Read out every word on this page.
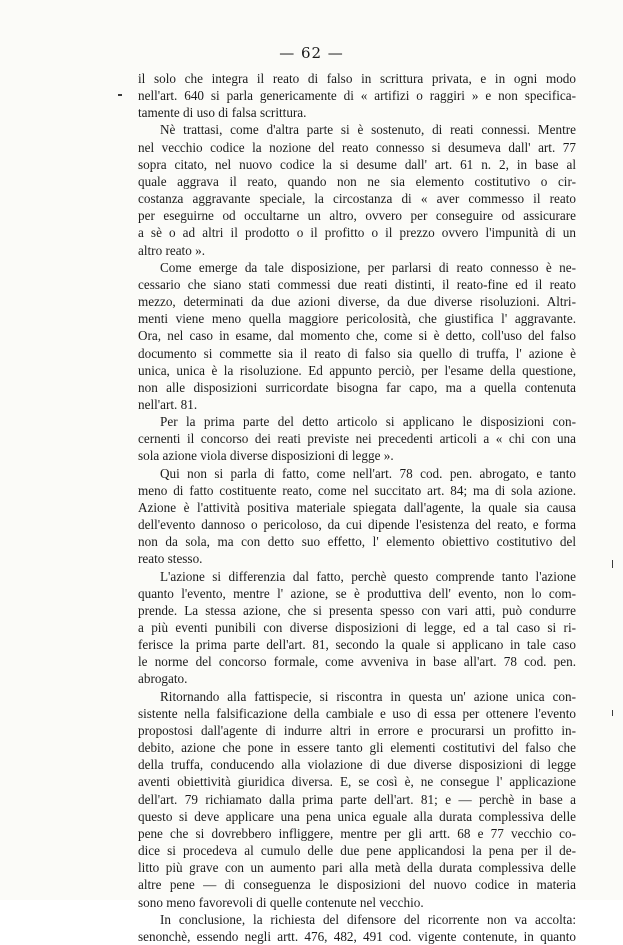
— 62 —
il solo che integra il reato di falso in scrittura privata, e in ogni modo
nell'art. 640 si parla genericamente di « artifizi o raggiri » e non specifica-
tamente di uso di falsa scrittura.
Nè trattasi, come d'altra parte si è sostenuto, di reati connessi. Mentre
nel vecchio codice la nozione del reato connesso si desumeva dall' art. 77
sopra citato, nel nuovo codice la si desume dall' art. 61 n. 2, in base al
quale aggrava il reato, quando non ne sia elemento costitutivo o cir-
costanza aggravante speciale, la circostanza di « aver commesso il reato
per eseguirne od occultarne un altro, ovvero per conseguire od assicurare
a sè o ad altri il prodotto o il profitto o il prezzo ovvero l'impunità di un
altro reato ».
Come emerge da tale disposizione, per parlarsi di reato connesso è ne-
cessario che siano stati commessi due reati distinti, il reato-fine ed il reato
mezzo, determinati da due azioni diverse, da due diverse risoluzioni. Altri-
menti viene meno quella maggiore pericolosità, che giustifica l' aggravante.
Ora, nel caso in esame, dal momento che, come si è detto, coll'uso del falso
documento si commette sia il reato di falso sia quello di truffa, l' azione è
unica, unica è la risoluzione. Ed appunto perciò, per l'esame della questione,
non alle disposizioni surricordate bisogna far capo, ma a quella contenuta
nell'art. 81.
Per la prima parte del detto articolo si applicano le disposizioni con-
cernenti il concorso dei reati previste nei precedenti articoli a « chi con una
sola azione viola diverse disposizioni di legge ».
Qui non si parla di fatto, come nell'art. 78 cod. pen. abrogato, e tanto
meno di fatto costituente reato, come nel succitato art. 84; ma di sola azione.
Azione è l'attività positiva materiale spiegata dall'agente, la quale sia causa
dell'evento dannoso o pericoloso, da cui dipende l'esistenza del reato, e forma
non da sola, ma con detto suo effetto, l' elemento obiettivo costitutivo del
reato stesso.
L'azione si differenzia dal fatto, perchè questo comprende tanto l'azione
quanto l'evento, mentre l' azione, se è produttiva dell' evento, non lo com-
prende. La stessa azione, che si presenta spesso con vari atti, può condurre
a più eventi punibili con diverse disposizioni di legge, ed a tal caso si ri-
ferisce la prima parte dell'art. 81, secondo la quale si applicano in tale caso
le norme del concorso formale, come avveniva in base all'art. 78 cod. pen.
abrogato.
Ritornando alla fattispecie, si riscontra in questa un' azione unica con-
sistente nella falsificazione della cambiale e uso di essa per ottenere l'evento
propostosi dall'agente di indurre altri in errore e procurarsi un profitto in-
debito, azione che pone in essere tanto gli elementi costitutivi del falso che
della truffa, conducendo alla violazione di due diverse disposizioni di legge
aventi obiettività giuridica diversa. E, se così è, ne consegue l' applicazione
dell'art. 79 richiamato dalla prima parte dell'art. 81; e — perchè in base a
questo si deve applicare una pena unica eguale alla durata complessiva delle
pene che si dovrebbero infliggere, mentre per gli artt. 68 e 77 vecchio co-
dice si procedeva al cumulo delle due pene applicandosi la pena per il de-
litto più grave con un aumento pari alla metà della durata complessiva delle
altre pene — di conseguenza le disposizioni del nuovo codice in materia
sono meno favorevoli di quelle contenute nel vecchio.
In conclusione, la richiesta del difensore del ricorrente non va accolta:
senonchè, essendo negli artt. 476, 482, 491 cod. vigente contenute, in quanto
